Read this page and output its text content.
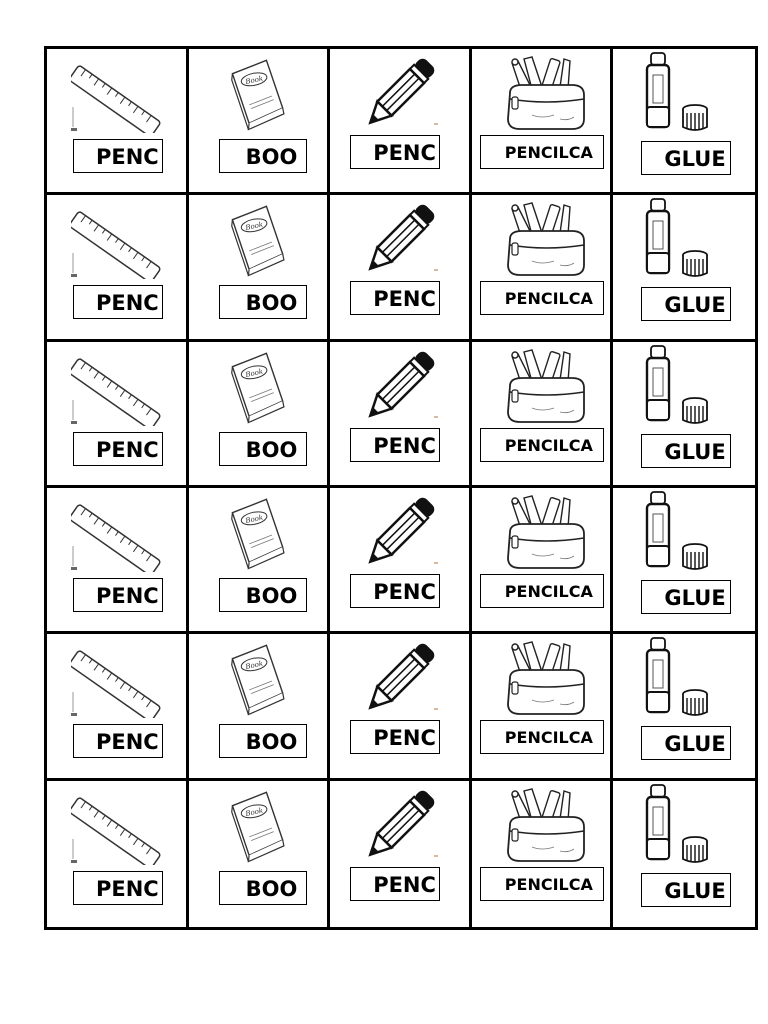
PENC
Book
BOO	PENC	PENCILCA	GLUE
PENC
Book
BOO	PENC	PENCILCA	GLUE
PENC
Book
BOO	PENC	PENCILCA	GLUE
PENC
Book
BOO	PENC	PENCILCA	GLUE
PENC
Book
BOO	PENC	PENCILCA	GLUE
PENC
Book
BOO	PENC	PENCILCA	GLUE
